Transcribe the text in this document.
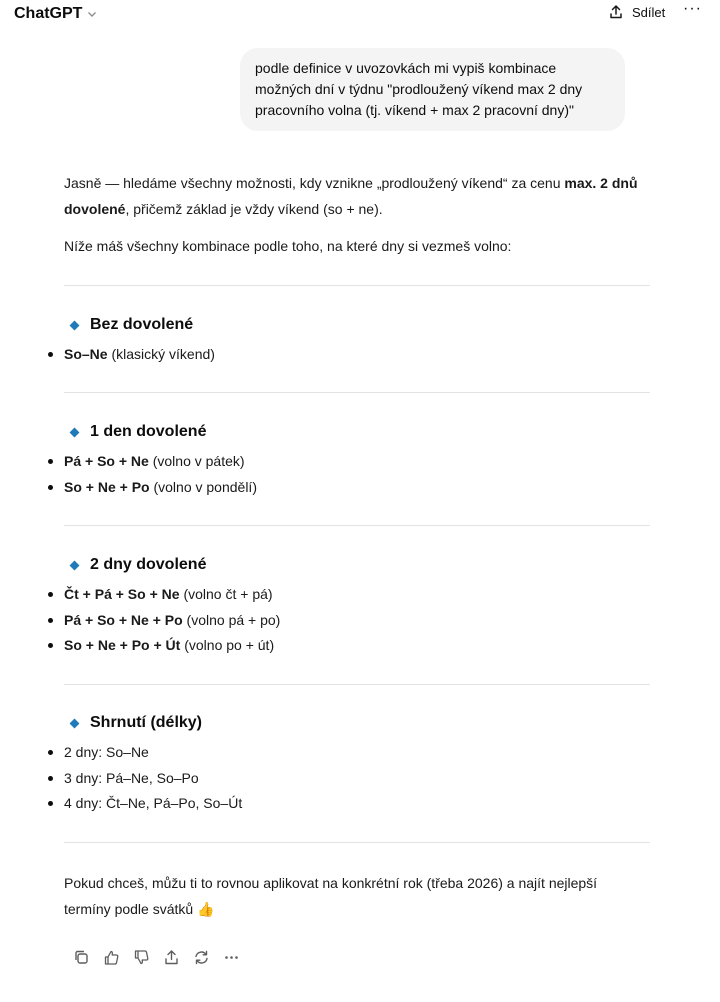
ChatGPT	Sdílet ···
podle definice v uvozovkách mi vypiš kombinace možných dní v týdnu "prodloužený víkend max 2 dny pracovního volna (tj. víkend + max 2 pracovní dny)"
Jasně — hledáme všechny možnosti, kdy vznikne „prodloužený víkend“ za cenu max. 2 dnů dovolené, přičemž základ je vždy víkend (so + ne).
Níže máš všechny kombinace podle toho, na které dny si vezmeš volno:
Bez dovolené
So–Ne (klasický víkend)
1 den dovolené
Pá + So + Ne (volno v pátek)
So + Ne + Po (volno v pondělí)
2 dny dovolené
Čt + Pá + So + Ne (volno čt + pá)
Pá + So + Ne + Po (volno pá + po)
So + Ne + Po + Út (volno po + út)
Shrnutí (délky)
2 dny: So–Ne
3 dny: Pá–Ne, So–Po
4 dny: Čt–Ne, Pá–Po, So–Út
Pokud chceš, můžu ti to rovnou aplikovat na konkrétní rok (třeba 2026) a najít nejlepší termíny podle svátků 👍
